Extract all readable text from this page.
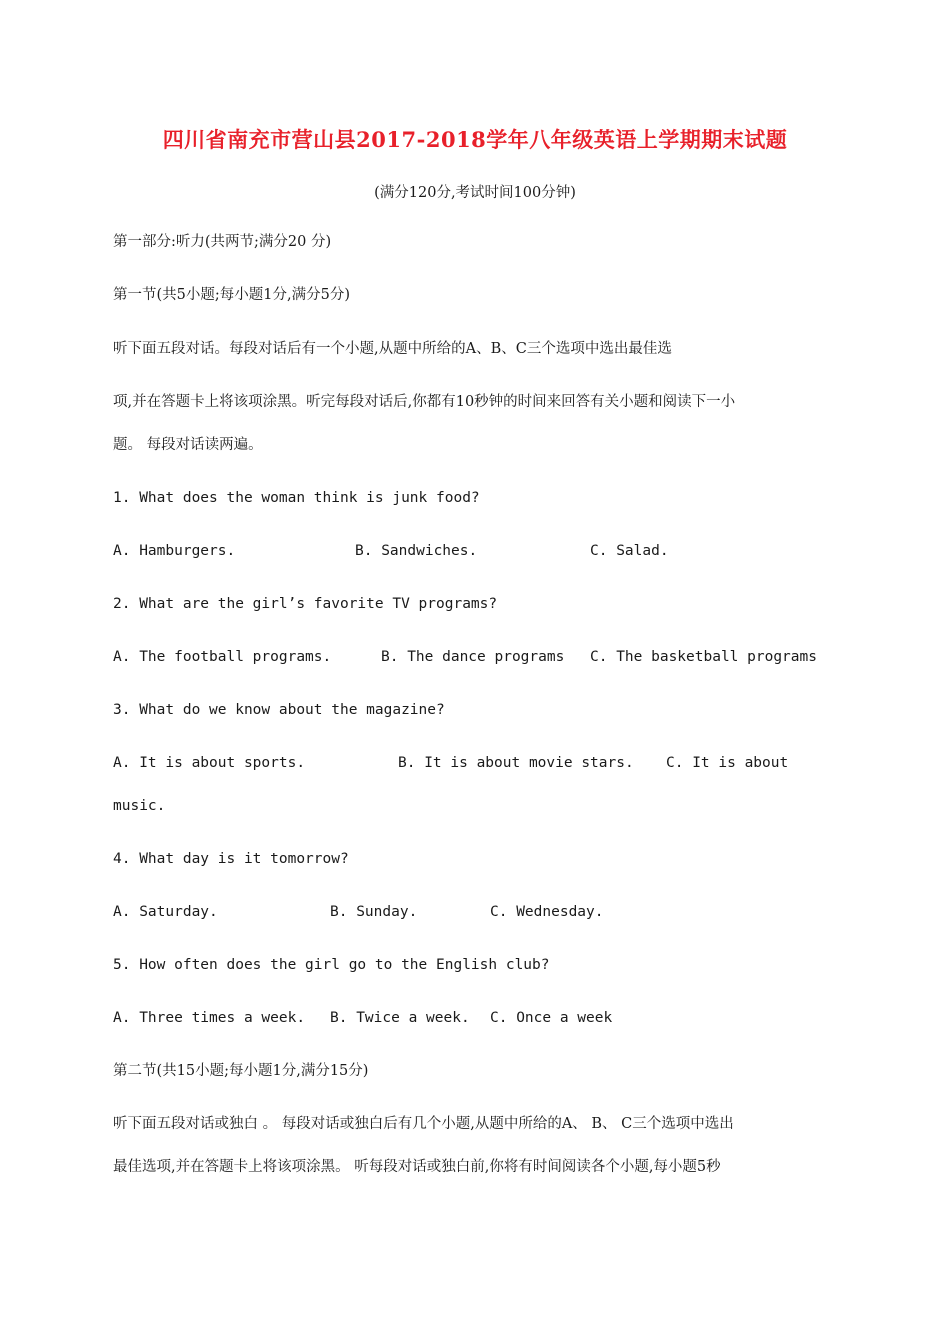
四川省南充市营山县2017-2018学年八年级英语上学期期末试题
(满分120分,考试时间100分钟)
第一部分:听力(共两节;满分20 分)
第一节(共5小题;每小题1分,满分5分)
听下面五段对话。每段对话后有一个小题,从题中所给的A、B、C三个选项中选出最佳选
项,并在答题卡上将该项涂黑。听完每段对话后,你都有10秒钟的时间来回答有关小题和阅读下一小
题。 每段对话读两遍。
1. What does the woman think is junk food?
A. Hamburgers.	B. Sandwiches.	C. Salad.
2. What are the girl’s favorite TV programs?
A. The football programs.	B. The dance programs C. The basketball programs
3. What do we know about the magazine?
A. It is about sports.	B. It is about movie stars. C. It is about
music.
4. What day is it tomorrow?
A. Saturday.	B. Sunday.	C. Wednesday.
5. How often does the girl go to the English club?
A. Three times a week. B. Twice a week. C. Once a week
第二节(共15小题;每小题1分,满分15分)
听下面五段对话或独白 。 每段对话或独白后有几个小题,从题中所给的A、 B、 C三个选项中选出
最佳选项,并在答题卡上将该项涂黑。 听每段对话或独白前,你将有时间阅读各个小题,每小题5秒
